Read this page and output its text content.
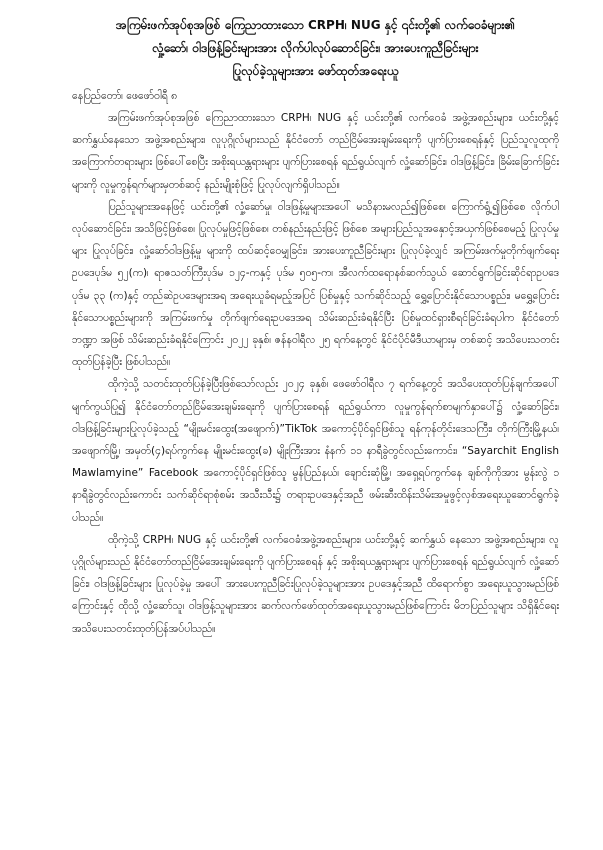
အကြမ်းဖက်အုပ်စုအဖြစ် ကြေညာထားသော CRPH၊ NUG နှင့် ၎င်းတို့၏ လက်ဝေခံများ၏
လှုံ့ဆော်၊ ဝါဒဖြန့်ခြင်းများအား လိုက်ပါလုပ်ဆောင်ခြင်း၊ အားပေးကူညီခြင်းများ
ပြုလုပ်ခဲ့သူများအား ဖော်ထုတ်အရေးယူ

နေပြည်တော်၊ ဖေဖော်ဝါရီ ၈

အကြမ်းဖက်အုပ်စုအဖြစ် ကြေညာထားသော CRPH၊ NUG နှင့် ယင်းတို့၏ လက်ဝေခံ အဖွဲ့အစည်းများ၊ ယင်းတို့နှင့် ဆက်နွှယ်နေသော အဖွဲ့အစည်းများ၊ လူပုဂ္ဂိုလ်များသည် နိုင်ငံတော် တည်ငြိမ်အေးချမ်းရေးကို ပျက်ပြားစေရန်နှင့် ပြည်သူလူထုကို အကြောက်တရားများ ဖြစ်ပေါ်စေပြီး အစိုးရယန္တရားများ ပျက်ပြားစေရန် ရည်ရွယ်လျက် လှုံ့ဆော်ခြင်း၊ ဝါဒဖြန့်ခြင်း၊ ခြိမ်းခြောက်ခြင်းများကို လူမှုကွန်ရက်များမှတစ်ဆင့် နည်းမျိုးစုံဖြင့် ပြုလုပ်လျက်ရှိပါသည်။

ပြည်သူများအနေဖြင့် ယင်းတို့၏ လှုံ့ဆော်မှု၊ ဝါဒဖြန့်မှုများအပေါ် မသိနားမလည်၍ဖြစ်စေ၊ ကြောက်ရွံ့၍ဖြစ်စေ လိုက်ပါလုပ်ဆောင်ခြင်း၊ အသိဖြင့်ဖြစ်စေ၊ ပြုလုပ်မှုဖြင့်ဖြစ်စေ၊ တစ်နည်းနည်းဖြင့် ဖြစ်စေ အများပြည်သူအနှောင့်အယှက်ဖြစ်စေမည့် ပြုလုပ်မှုများ ပြုလုပ်ခြင်း၊ လှုံ့ဆော်ဝါဒဖြန့်မှု များကို ထပ်ဆင့်ဝေမျှခြင်း၊ အားပေးကူညီခြင်းများ ပြုလုပ်ခဲ့လျှင် အကြမ်းဖက်မှုတိုက်ဖျက်ရေး ဥပဒေပုဒ်မ ၅၂(က)၊ ရာဇသတ်ကြီးပုဒ်မ ၁၂၄-ကနှင့် ပုဒ်မ ၅၀၅-က၊ အီလက်ထရောနစ်ဆက်သွယ် ဆောင်ရွက်ခြင်းဆိုင်ရာဥပဒေပုဒ်မ ၃၃ (က)နှင့် တည်ဆဲဥပဒေများအရ အရေးယူခံရမည့်အပြင် ပြစ်မှုနှင့် သက်ဆိုင်သည့် ရွှေ့ပြောင်းနိုင်သောပစ္စည်း၊ မရွှေ့ပြောင်းနိုင်သောပစ္စည်းများကို အကြမ်းဖက်မှု တိုက်ဖျက်ရေးဥပဒေအရ သိမ်းဆည်းခံရနိုင်ပြီး ပြစ်မှုထင်ရှားစီရင်ခြင်းခံရပါက နိုင်ငံတော်ဘဏ္ဍာ အဖြစ် သိမ်းဆည်းခံရနိုင်ကြောင်း ၂၀၂၂ ခုနှစ်၊ ဇန်နဝါရီလ ၂၅ ရက်နေ့တွင် နိုင်ငံပိုင်မီဒီယာများမှ တစ်ဆင့် အသိပေးသတင်းထုတ်ပြန်ခဲ့ပြီး ဖြစ်ပါသည်။

ထိုကဲ့သို့ သတင်းထုတ်ပြန်ခဲ့ပြီးဖြစ်သော်လည်း ၂၀၂၄ ခုနှစ်၊ ဖေဖော်ဝါရီလ ၇ ရက်နေ့တွင် အသိပေးထုတ်ပြန်ချက်အပေါ် မျက်ကွယ်ပြု၍ နိုင်ငံတော်တည်ငြိမ်အေးချမ်းရေးကို ပျက်ပြားစေရန် ရည်ရွယ်ကာ လူမှုကွန်ရက်စာမျက်နှာပေါ်၌ လှုံ့ဆော်ခြင်း၊ ဝါဒဖြန့်ခြင်းများပြုလုပ်ခဲ့သည့် “မျိုးမင်းထွေး(အဖျောက်)”TikTok အကောင့်ပိုင်ရှင်ဖြစ်သူ ရန်ကုန်တိုင်းဒေသကြီး၊ တိုက်ကြီးမြို့နယ်၊ အဖျောက်မြို့၊ အမှတ်(၄)ရပ်ကွက်နေ မျိုးမင်းထွေး(ခ) မျိုးကြီးအား နံနက် ၁၁ နာရီခွဲတွင်လည်းကောင်း၊ “Sayarchit English Mawlamyine” Facebook အကောင့်ပိုင်ရှင်ဖြစ်သူ မွန်ပြည်နယ်၊ ချောင်းဆုံမြို့၊ အရှေ့ရပ်ကွက်နေ ချစ်ကိုကိုအား မွန်းလွဲ ၁ နာရီခွဲတွင်လည်းကောင်း သက်ဆိုင်ရာစုံစမ်း အသီးသီး၌ တရားဥပဒေနှင့်အညီ ဖမ်းဆီးထိန်းသိမ်းအမှုဖွင့်လှစ်အရေးယူဆောင်ရွက်ခဲ့ပါသည်။

ထိုကဲ့သို့ CRPH၊ NUG နှင့် ယင်းတို့၏ လက်ဝေခံအဖွဲ့အစည်းများ၊ ယင်းတို့နှင့် ဆက်နွှယ် နေသော အဖွဲ့အစည်းများ၊ လူပုဂ္ဂိုလ်များသည် နိုင်ငံတော်တည်ငြိမ်အေးချမ်းရေးကို ပျက်ပြားစေရန် နှင့် အစိုးရယန္တရားများ ပျက်ပြားစေရန် ရည်ရွယ်လျက် လှုံ့ဆော်ခြင်း၊ ဝါဒဖြန့်ခြင်းများ ပြုလုပ်ခဲ့မှု အပေါ် အားပေးကူညီခြင်းပြုလုပ်ခဲ့သူများအား ဥပဒေနှင့်အညီ ထိရောက်စွာ အရေးယူသွားမည်ဖြစ် ကြောင်းနှင့် ထိုသို့ လှုံ့ဆော်သူ၊ ဝါဒဖြန့်သူများအား ဆက်လက်ဖော်ထုတ်အရေးယူသွားမည်ဖြစ်ကြောင်း မိဘပြည်သူများ သိရှိနိုင်ရေး အသိပေးသတင်းထုတ်ပြန်အပ်ပါသည်။
